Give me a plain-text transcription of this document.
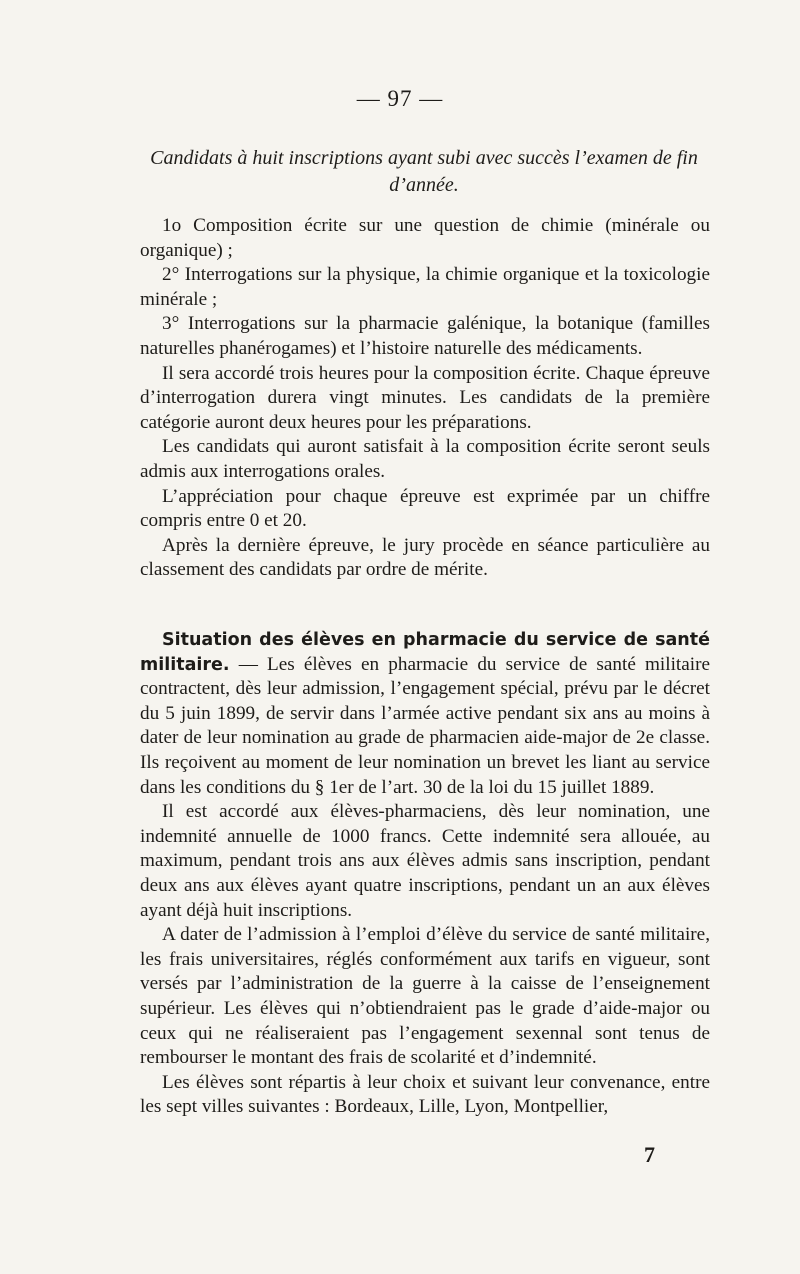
— 97 —
Candidats à huit inscriptions ayant subi avec succès l’examen de fin d’année.

1o Composition écrite sur une question de chimie (minérale ou organique) ;

2° Interrogations sur la physique, la chimie organique et la toxicologie minérale ;

3° Interrogations sur la pharmacie galénique, la botanique (familles naturelles phanérogames) et l’histoire naturelle des médicaments.

Il sera accordé trois heures pour la composition écrite. Chaque épreuve d’interrogation durera vingt minutes. Les candidats de la première catégorie auront deux heures pour les préparations.

Les candidats qui auront satisfait à la composition écrite seront seuls admis aux interrogations orales.

L’appréciation pour chaque épreuve est exprimée par un chiffre compris entre 0 et 20.

Après la dernière épreuve, le jury procède en séance particulière au classement des candidats par ordre de mérite.

Situation des élèves en pharmacie du service de santé militaire. — Les élèves en pharmacie du service de santé militaire contractent, dès leur admission, l’engagement spécial, prévu par le décret du 5 juin 1899, de servir dans l’armée active pendant six ans au moins à dater de leur nomination au grade de pharmacien aide-major de 2e classe. Ils reçoivent au moment de leur nomination un brevet les liant au service dans les conditions du § 1er de l’art. 30 de la loi du 15 juillet 1889.

Il est accordé aux élèves-pharmaciens, dès leur nomination, une indemnité annuelle de 1000 francs. Cette indemnité sera allouée, au maximum, pendant trois ans aux élèves admis sans inscription, pendant deux ans aux élèves ayant quatre inscriptions, pendant un an aux élèves ayant déjà huit inscriptions.

A dater de l’admission à l’emploi d’élève du service de santé militaire, les frais universitaires, réglés conformément aux tarifs en vigueur, sont versés par l’administration de la guerre à la caisse de l’enseignement supérieur. Les élèves qui n’obtiendraient pas le grade d’aide-major ou ceux qui ne réaliseraient pas l’engagement sexennal sont tenus de rembourser le montant des frais de scolarité et d’indemnité.

Les élèves sont répartis à leur choix et suivant leur convenance, entre les sept villes suivantes : Bordeaux, Lille, Lyon, Montpellier,

7
